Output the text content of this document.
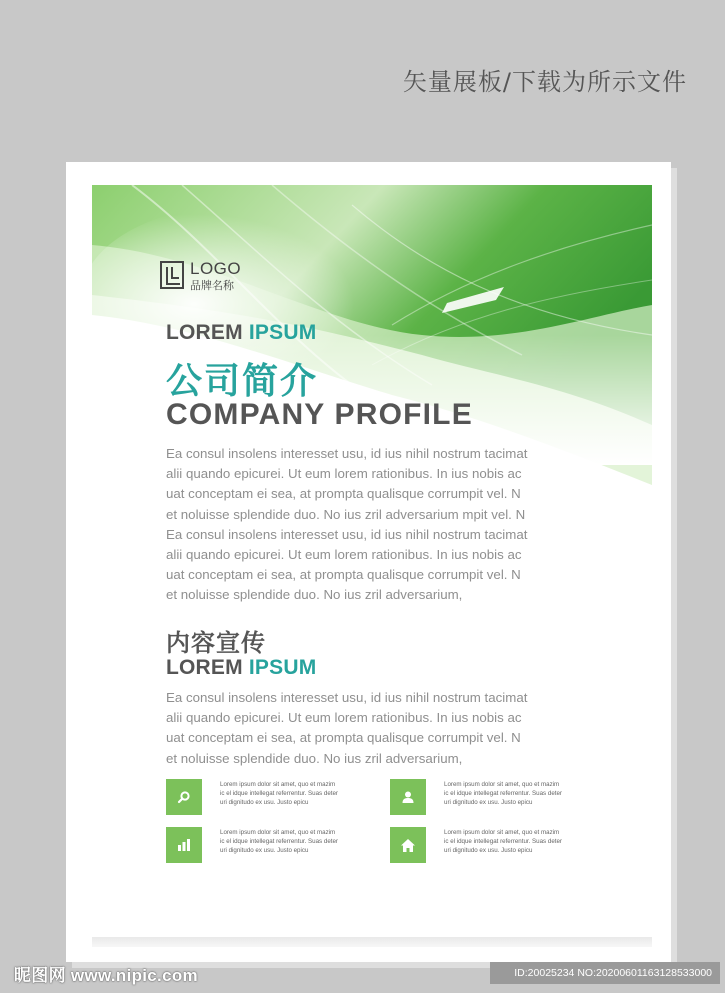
矢量展板/下载为所示文件
LOGO
品牌名称
LOREM IPSUM
公司简介
COMPANY PROFILE

Ea consul insolens interesset usu, id ius nihil nostrum tacimat

alii quando epicurei. Ut eum lorem rationibus. In ius nobis ac

uat conceptam ei sea, at prompta qualisque corrumpit vel. N

et noluisse splendide duo. No ius zril adversarium mpit vel. N

Ea consul insolens interesset usu, id ius nihil nostrum tacimat

alii quando epicurei. Ut eum lorem rationibus. In ius nobis ac

uat conceptam ei sea, at prompta qualisque corrumpit vel. N

et noluisse splendide duo. No ius zril adversarium,

内容宣传
LOREM IPSUM

Ea consul insolens interesset usu, id ius nihil nostrum tacimat

alii quando epicurei. Ut eum lorem rationibus. In ius nobis ac

uat conceptam ei sea, at prompta qualisque corrumpit vel. N

et noluisse splendide duo. No ius zril adversarium,

Lorem ipsum dolor sit amet, quo et mazim

ic el idque intellegat referrentur. Suas deter

uri dignitudo ex usu. Justo epicu

Lorem ipsum dolor sit amet, quo et mazim

ic el idque intellegat referrentur. Suas deter

uri dignitudo ex usu. Justo epicu

Lorem ipsum dolor sit amet, quo et mazim

ic el idque intellegat referrentur. Suas deter

uri dignitudo ex usu. Justo epicu

Lorem ipsum dolor sit amet, quo et mazim

ic el idque intellegat referrentur. Suas deter

uri dignitudo ex usu. Justo epicu

昵图网 www.nipic.com	ID:20025234 NO:20200601163128533000
